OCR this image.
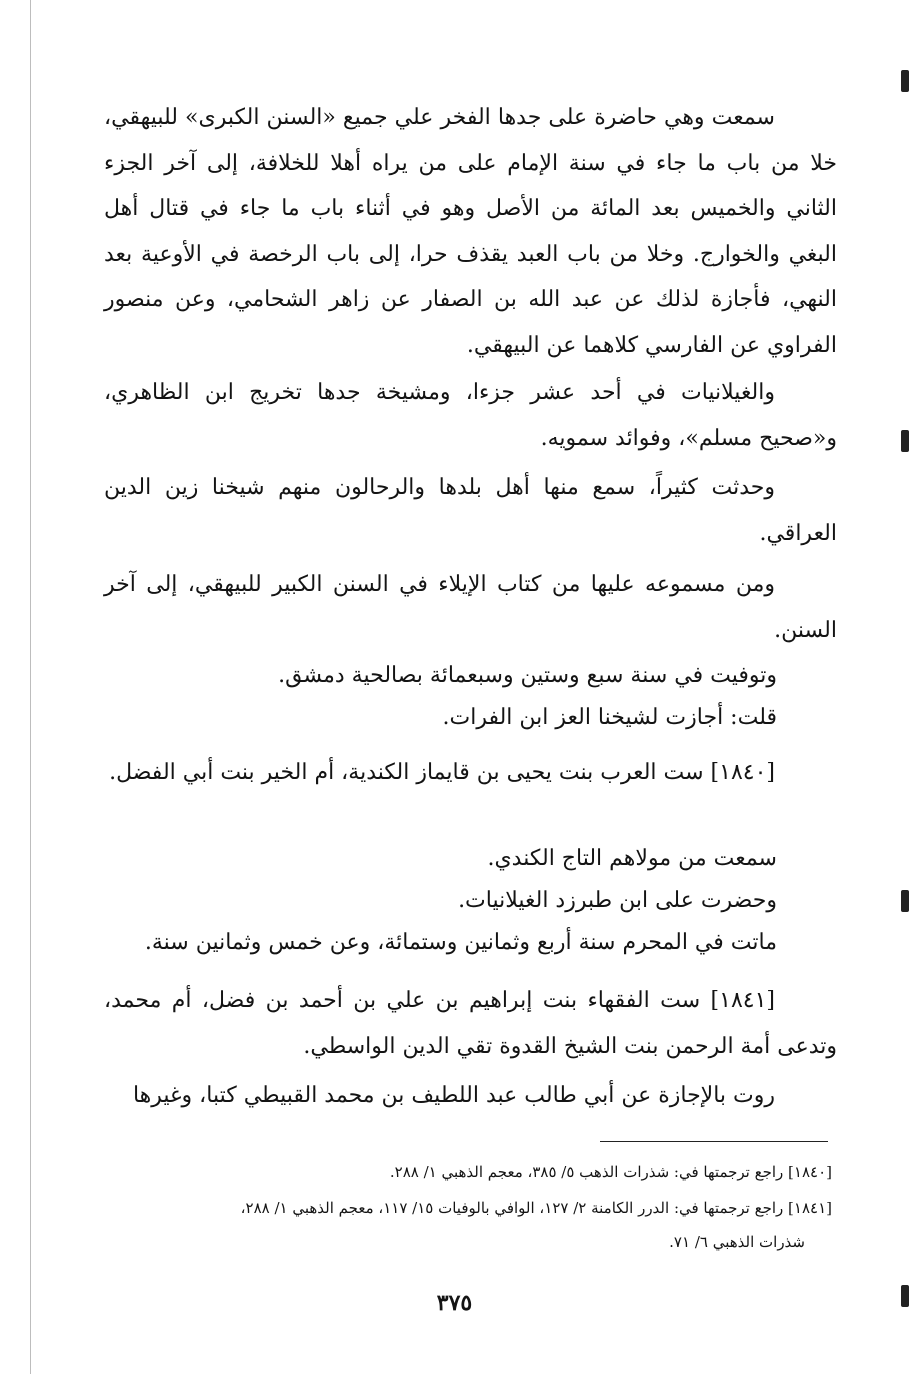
سمعت وهي حاضرة على جدها الفخر علي جميع «السنن الكبرى» للبيهقي، خلا من باب ما جاء في سنة الإمام على من يراه أهلا للخلافة، إلى آخر الجزء الثاني والخميس بعد المائة من الأصل وهو في أثناء باب ما جاء في قتال أهل البغي والخوارج. وخلا من باب العبد يقذف حرا، إلى باب الرخصة في الأوعية بعد النهي، فأجازة لذلك عن عبد الله بن الصفار عن زاهر الشحامي، وعن منصور الفراوي عن الفارسي كلاهما عن البيهقي.
والغيلانيات في أحد عشر جزءا، ومشيخة جدها تخريج ابن الظاهري، و«صحيح مسلم»، وفوائد سمويه.
وحدثت كثيراً، سمع منها أهل بلدها والرحالون منهم شيخنا زين الدين العراقي.
ومن مسموعه عليها من كتاب الإيلاء في السنن الكبير للبيهقي، إلى آخر السنن.
وتوفيت في سنة سبع وستين وسبعمائة بصالحية دمشق.
قلت: أجازت لشيخنا العز ابن الفرات.
[١٨٤٠] ست العرب بنت يحيى بن قايماز الكندية، أم الخير بنت أبي الفضل.
سمعت من مولاهم التاج الكندي.
وحضرت على ابن طبرزد الغيلانيات.
ماتت في المحرم سنة أربع وثمانين وستمائة، وعن خمس وثمانين سنة.
[١٨٤١] ست الفقهاء بنت إبراهيم بن علي بن أحمد بن فضل، أم محمد، وتدعى أمة الرحمن بنت الشيخ القدوة تقي الدين الواسطي.
روت بالإجازة عن أبي طالب عبد اللطيف بن محمد القبيطي كتبا، وغيرها
[١٨٤٠] راجع ترجمتها في: شذرات الذهب ٥/ ٣٨٥، معجم الذهبي ١/ ٢٨٨.
[١٨٤١] راجع ترجمتها في: الدرر الكامنة ٢/ ١٢٧، الوافي بالوفيات ١٥/ ١١٧، معجم الذهبي ١/ ٢٨٨،
شذرات الذهبي ٦/ ٧١.
٣٧٥
